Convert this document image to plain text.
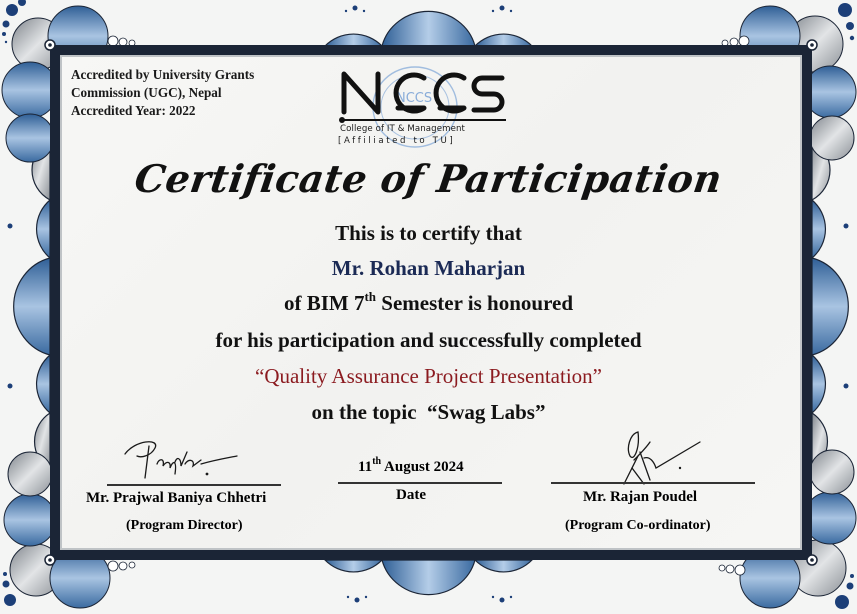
Accredited by University Grants
Commission (UGC), Nepal
Accredited Year: 2022
NCCS
College of IT & Management
[Affiliated to TU]
Certificate of Participation
This is to certify that
Mr. Rohan Maharjan
of BIM 7th Semester is honoured
for his participation and successfully completed
“Quality Assurance Project Presentation”
on the topic  “Swag Labs”
Mr. Prajwal Baniya Chhetri
(Program Director)
11th August 2024
Date	Mr. Rajan Poudel
(Program Co-ordinator)
